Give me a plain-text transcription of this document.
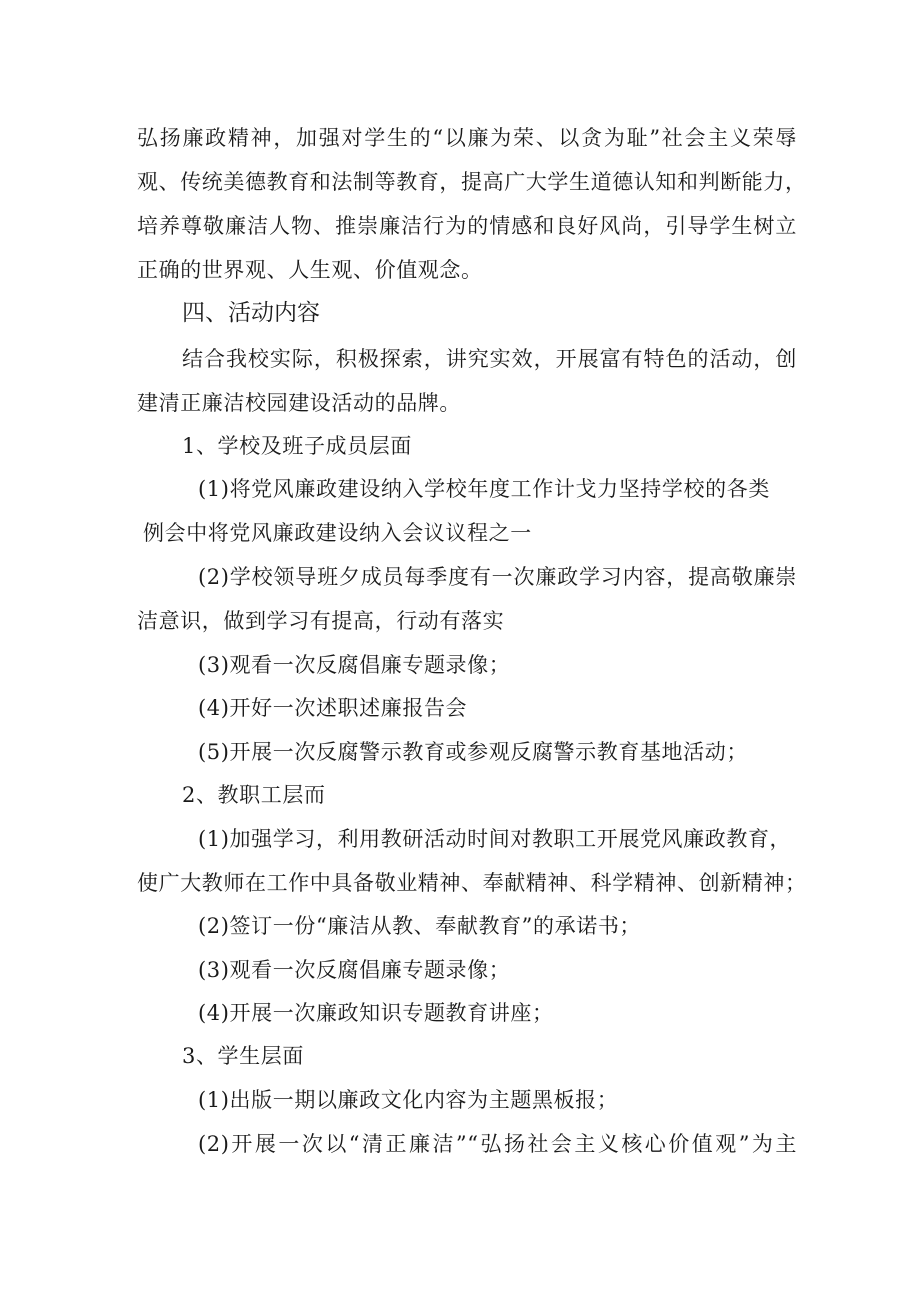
弘扬廉政精神，加强对学生的“以廉为荣、以贪为耻”社会主义荣辱
观、传统美德教育和法制等教育，提高广大学生道德认知和判断能力，
培养尊敬廉洁人物、推崇廉洁行为的情感和良好风尚，引导学生树立
正确的世界观、人生观、价值观念。
四、活动内容
结合我校实际，积极探索，讲究实效，开展富有特色的活动，创
建清正廉洁校园建设活动的品牌。
1、学校及班子成员层面
(1)将党风廉政建设纳入学校年度工作计戈力坚持学校的各类
例会中将党风廉政建设纳入会议议程之一
(2)学校领导班夕成员每季度有一次廉政学习内容，提高敬廉崇
洁意识，做到学习有提高，行动有落实
(3)观看一次反腐倡廉专题录像；
(4)开好一次述职述廉报告会
(5)开展一次反腐警示教育或参观反腐警示教育基地活动；
2、教职工层而
(1)加强学习，利用教研活动时间对教职工开展党风廉政教育，
使广大教师在工作中具备敬业精神、奉献精神、科学精神、创新精神；
(2)签订一份“廉洁从教、奉献教育”的承诺书；
(3)观看一次反腐倡廉专题录像；
(4)开展一次廉政知识专题教育讲座；
3、学生层面
(1)出版一期以廉政文化内容为主题黑板报；
(2)开展一次以“清正廉洁”“弘扬社会主义核心价值观”为主
